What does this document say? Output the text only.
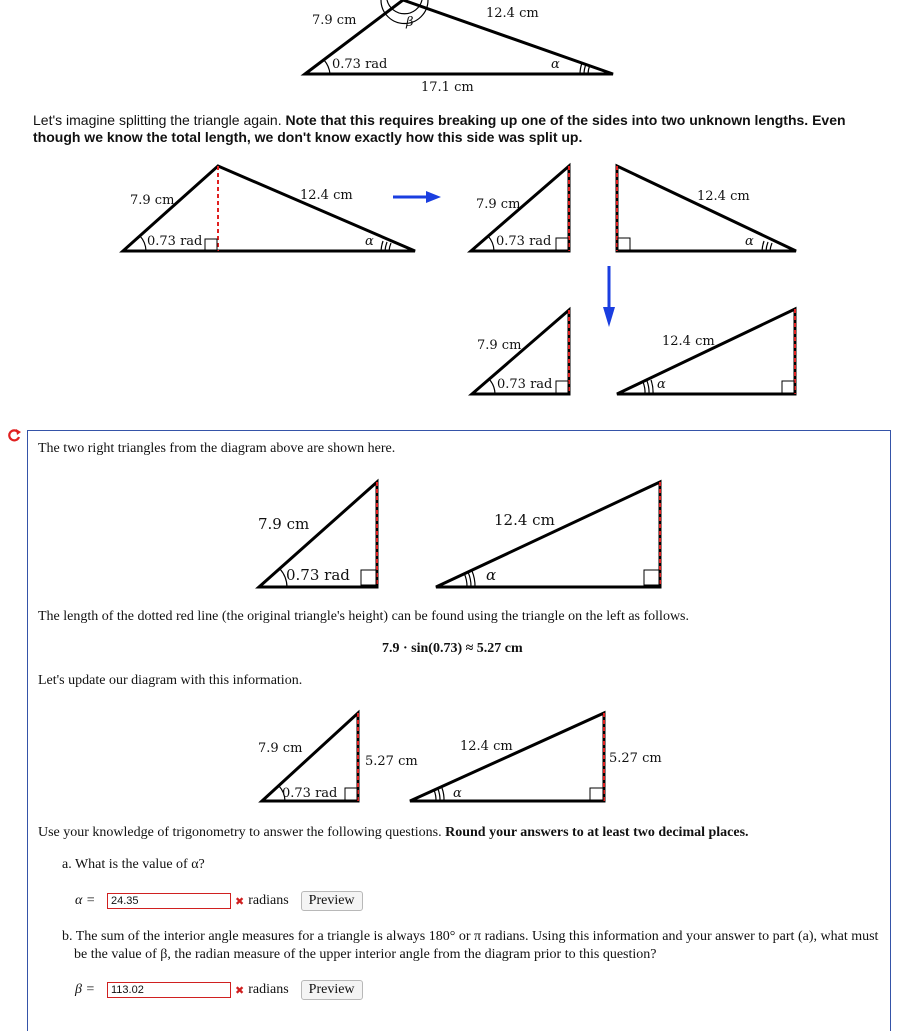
7.9 cm	12.4 cm
17.1 cm
0.73 rad
β
α
Let's imagine splitting the triangle again. Note that this requires breaking up one of the sides into two unknown lengths. Even though we know the total length, we don't know exactly how this side was split up.
7.9 cm	12.4 cm
0.73 rad	α
7.9 cm
0.73 rad
12.4 cm
α
7.9 cm
0.73 rad
12.4 cm
α
The two right triangles from the diagram above are shown here.
7.9 cm
0.73 rad
12.4 cm
α
The length of the dotted red line (the original triangle's height) can be found using the triangle on the left as follows.
7.9 · sin(0.73) ≈ 5.27 cm
Let's update our diagram with this information.
7.9 cm
0.73 rad
5.27 cm
12.4 cm
α
5.27 cm
Use your knowledge of trigonometry to answer the following questions. Round your answers to at least two decimal places.
a. What is the value of α?
α =	24.35	✖ radians	Preview
b. The sum of the interior angle measures for a triangle is always 180° or π radians. Using this information and your answer to part (a), what must be the value of β, the radian measure of the upper interior angle from the diagram prior to this question?
β =	113.02	✖ radians	Preview
